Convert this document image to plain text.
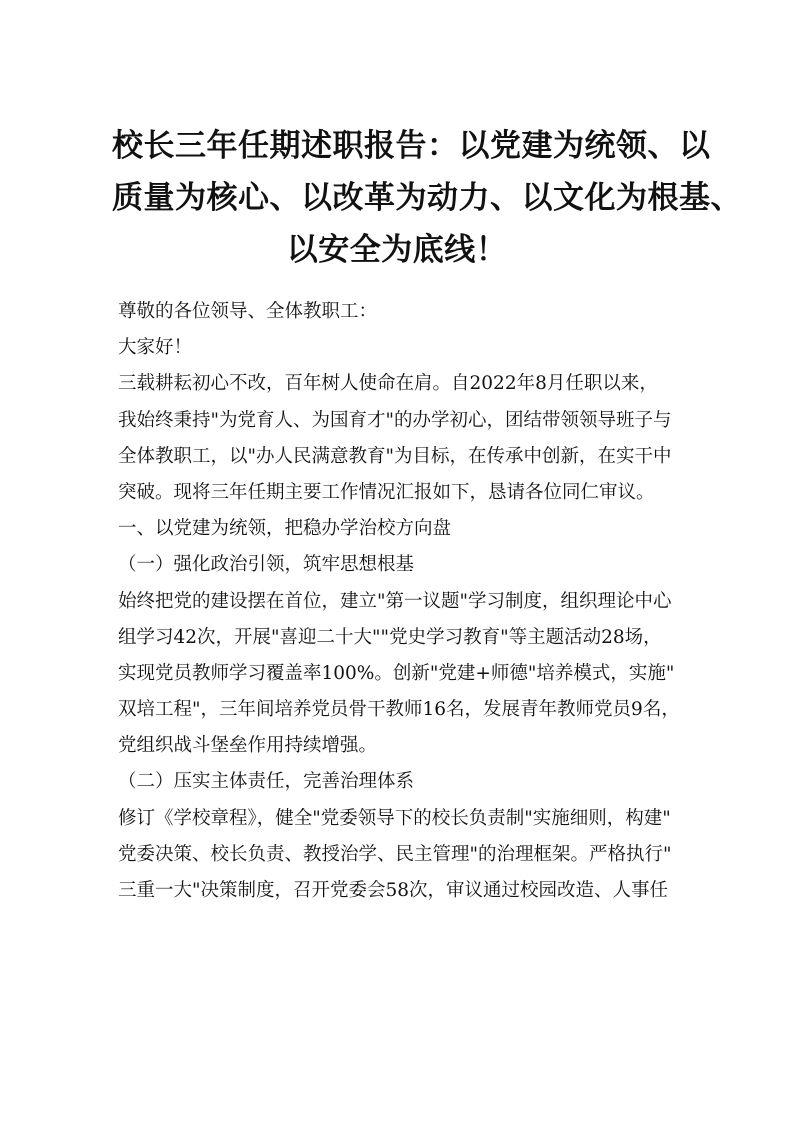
校长三年任期述职报告：以党建为统领、以
质量为核心、以改革为动力、以文化为根基、
以安全为底线！
尊敬的各位领导、全体教职工：
大家好！
三载耕耘初心不改，百年树人使命在肩。自2022年8月任职以来，
我始终秉持"为党育人、为国育才"的办学初心，团结带领领导班子与
全体教职工，以"办人民满意教育"为目标，在传承中创新，在实干中
突破。现将三年任期主要工作情况汇报如下，恳请各位同仁审议。
一、以党建为统领，把稳办学治校方向盘
（一）强化政治引领，筑牢思想根基
始终把党的建设摆在首位，建立"第一议题"学习制度，组织理论中心
组学习42次，开展"喜迎二十大""党史学习教育"等主题活动28场，
实现党员教师学习覆盖率100%。创新"党建+师德"培养模式，实施"
双培工程"，三年间培养党员骨干教师16名，发展青年教师党员9名，
党组织战斗堡垒作用持续增强。
（二）压实主体责任，完善治理体系
修订《学校章程》，健全"党委领导下的校长负责制"实施细则，构建"
党委决策、校长负责、教授治学、民主管理"的治理框架。严格执行"
三重一大"决策制度，召开党委会58次，审议通过校园改造、人事任
